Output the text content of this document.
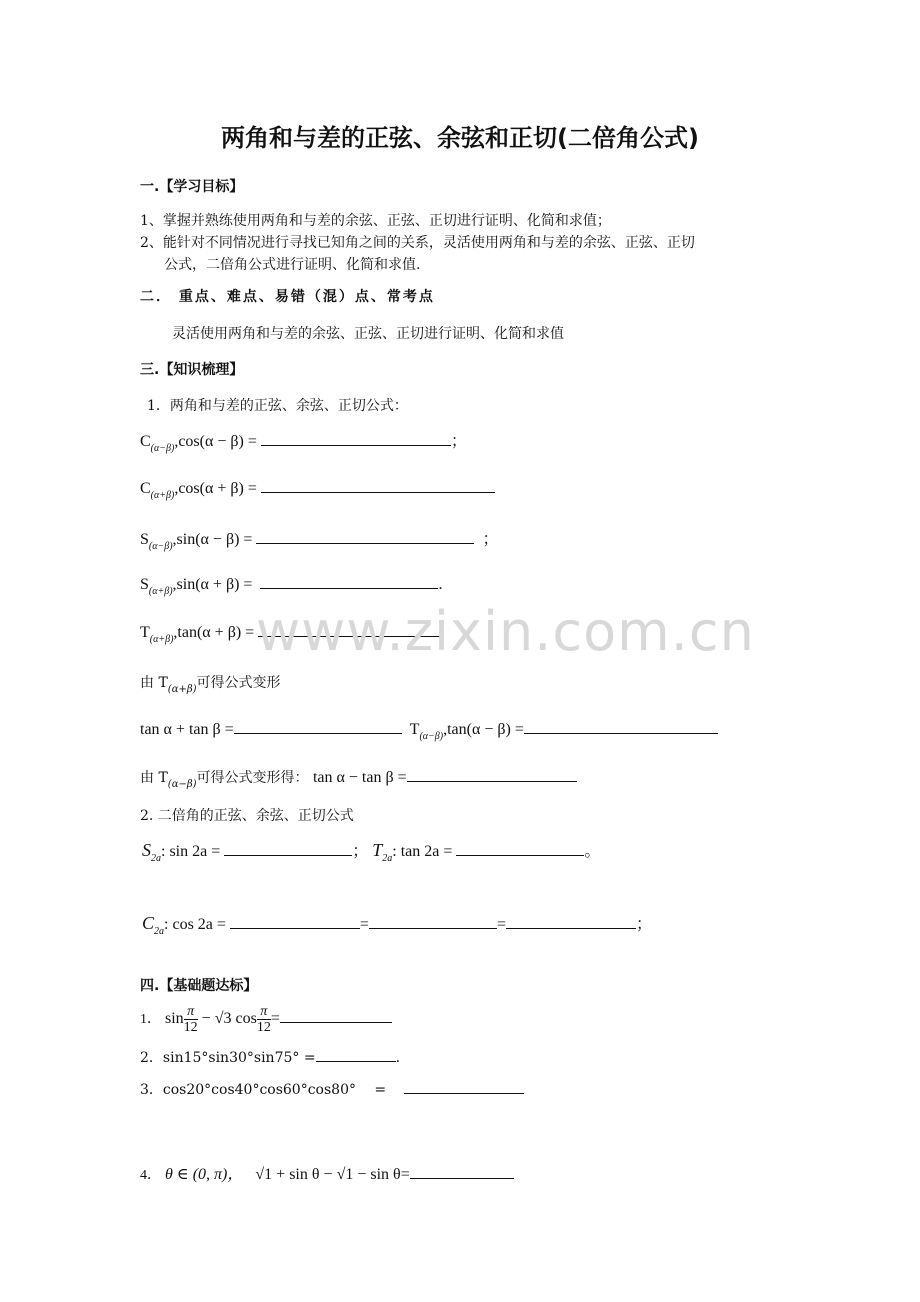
两角和与差的正弦、余弦和正切(二倍角公式)
一.【学习目标】
1、掌握并熟练使用两角和与差的余弦、正弦、正切进行证明、化简和求值；
2、能针对不同情况进行寻找已知角之间的关系，灵活使用两角和与差的余弦、正弦、正切
公式，二倍角公式进行证明、化简和求值.
二． 重点、难点、易错（混）点、常考点
灵活使用两角和与差的余弦、正弦、正切进行证明、化简和求值
三.【知识梳理】
1．两角和与差的正弦、余弦、正切公式：
$C_{(\alpha-\beta)},\cos(\alpha - \beta)$ =	；
$C_{(\alpha+\beta)},\cos(\alpha + \beta)$ =
$S_{(\alpha-\beta)},\sin(\alpha - \beta)$ =	；
$S_{(\alpha+\beta)},\sin(\alpha + \beta)$ =	.
$T_{(\alpha+\beta)},\tan(\alpha + \beta)$ = www.zixin.com.cn
由 $T_{(\alpha+\beta)}$可得公式变形
tan α + tan β =	$T_{(\alpha-\beta)},\tan(\alpha - \beta)$ =
由 $T_{(\alpha-\beta)}$可得公式变形得： tan α − tan β =
2. 二倍角的正弦、余弦、正切公式
$S_{2a}$: sin 2a =	； $T_{2a}$: tan 2a =	。
$C_{2a}$: cos 2a =	=	=	；
四.【基础题达标】
1． $\sin \frac{\pi}{12} - √3$ $\cos \frac{\pi}{12}$ =
2．sin15°sin30°sin75° =	.
3．cos20°cos40°cos60°cos80°　 =
4． θ ∈ (0, π)， √1 + sin θ − √1 − sin θ=
